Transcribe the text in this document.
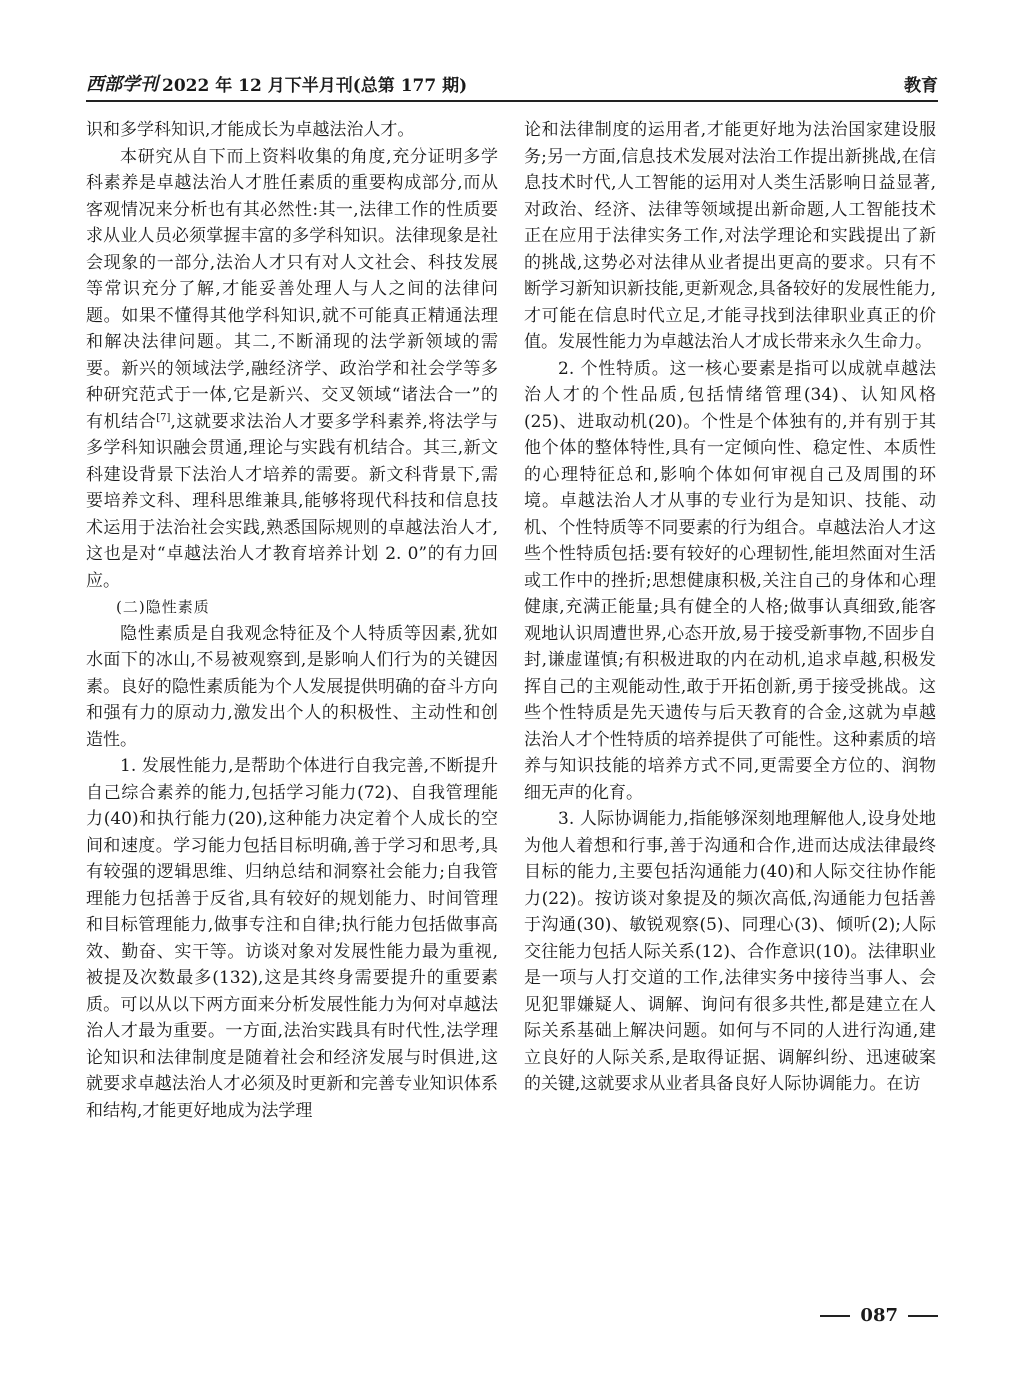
西部学刊 2022 年 12 月下半月刊(总第 177 期)	教育

识和多学科知识,才能成长为卓越法治人才。

本研究从自下而上资料收集的角度,充分证明多学科素养是卓越法治人才胜任素质的重要构成部分,而从客观情况来分析也有其必然性:其一,法律工作的性质要求从业人员必须掌握丰富的多学科知识。法律现象是社会现象的一部分,法治人才只有对人文社会、科技发展等常识充分了解,才能妥善处理人与人之间的法律问题。如果不懂得其他学科知识,就不可能真正精通法理和解决法律问题。其二,不断涌现的法学新领域的需要。新兴的领域法学,融经济学、政治学和社会学等多种研究范式于一体,它是新兴、交叉领域“诸法合一”的有机结合[7],这就要求法治人才要多学科素养,将法学与多学科知识融会贯通,理论与实践有机结合。其三,新文科建设背景下法治人才培养的需要。新文科背景下,需要培养文科、理科思维兼具,能够将现代科技和信息技术运用于法治社会实践,熟悉国际规则的卓越法治人才,这也是对“卓越法治人才教育培养计划 2. 0”的有力回应。

(二)隐性素质

隐性素质是自我观念特征及个人特质等因素,犹如水面下的冰山,不易被观察到,是影响人们行为的关键因素。良好的隐性素质能为个人发展提供明确的奋斗方向和强有力的原动力,激发出个人的积极性、主动性和创造性。

1. 发展性能力,是帮助个体进行自我完善,不断提升自己综合素养的能力,包括学习能力(72)、自我管理能力(40)和执行能力(20),这种能力决定着个人成长的空间和速度。学习能力包括目标明确,善于学习和思考,具有较强的逻辑思维、归纳总结和洞察社会能力;自我管理能力包括善于反省,具有较好的规划能力、时间管理和目标管理能力,做事专注和自律;执行能力包括做事高效、勤奋、实干等。访谈对象对发展性能力最为重视,被提及次数最多(132),这是其终身需要提升的重要素质。可以从以下两方面来分析发展性能力为何对卓越法治人才最为重要。一方面,法治实践具有时代性,法学理论知识和法律制度是随着社会和经济发展与时俱进,这就要求卓越法治人才必须及时更新和完善专业知识体系和结构,才能更好地成为法学理

论和法律制度的运用者,才能更好地为法治国家建设服务;另一方面,信息技术发展对法治工作提出新挑战,在信息技术时代,人工智能的运用对人类生活影响日益显著,对政治、经济、法律等领域提出新命题,人工智能技术正在应用于法律实务工作,对法学理论和实践提出了新的挑战,这势必对法律从业者提出更高的要求。只有不断学习新知识新技能,更新观念,具备较好的发展性能力,才可能在信息时代立足,才能寻找到法律职业真正的价值。发展性能力为卓越法治人才成长带来永久生命力。

2. 个性特质。这一核心要素是指可以成就卓越法治人才的个性品质,包括情绪管理(34)、认知风格(25)、进取动机(20)。个性是个体独有的,并有别于其他个体的整体特性,具有一定倾向性、稳定性、本质性的心理特征总和,影响个体如何审视自己及周围的环境。卓越法治人才从事的专业行为是知识、技能、动机、个性特质等不同要素的行为组合。卓越法治人才这些个性特质包括:要有较好的心理韧性,能坦然面对生活或工作中的挫折;思想健康积极,关注自己的身体和心理健康,充满正能量;具有健全的人格;做事认真细致,能客观地认识周遭世界,心态开放,易于接受新事物,不固步自封,谦虚谨慎;有积极进取的内在动机,追求卓越,积极发挥自己的主观能动性,敢于开拓创新,勇于接受挑战。这些个性特质是先天遗传与后天教育的合金,这就为卓越法治人才个性特质的培养提供了可能性。这种素质的培养与知识技能的培养方式不同,更需要全方位的、润物细无声的化育。

3. 人际协调能力,指能够深刻地理解他人,设身处地为他人着想和行事,善于沟通和合作,进而达成法律最终目标的能力,主要包括沟通能力(40)和人际交往协作能力(22)。按访谈对象提及的频次高低,沟通能力包括善于沟通(30)、敏锐观察(5)、同理心(3)、倾听(2);人际交往能力包括人际关系(12)、合作意识(10)。法律职业是一项与人打交道的工作,法律实务中接待当事人、会见犯罪嫌疑人、调解、询问有很多共性,都是建立在人际关系基础上解决问题。如何与不同的人进行沟通,建立良好的人际关系,是取得证据、调解纠纷、迅速破案的关键,这就要求从业者具备良好人际协调能力。在访

087
